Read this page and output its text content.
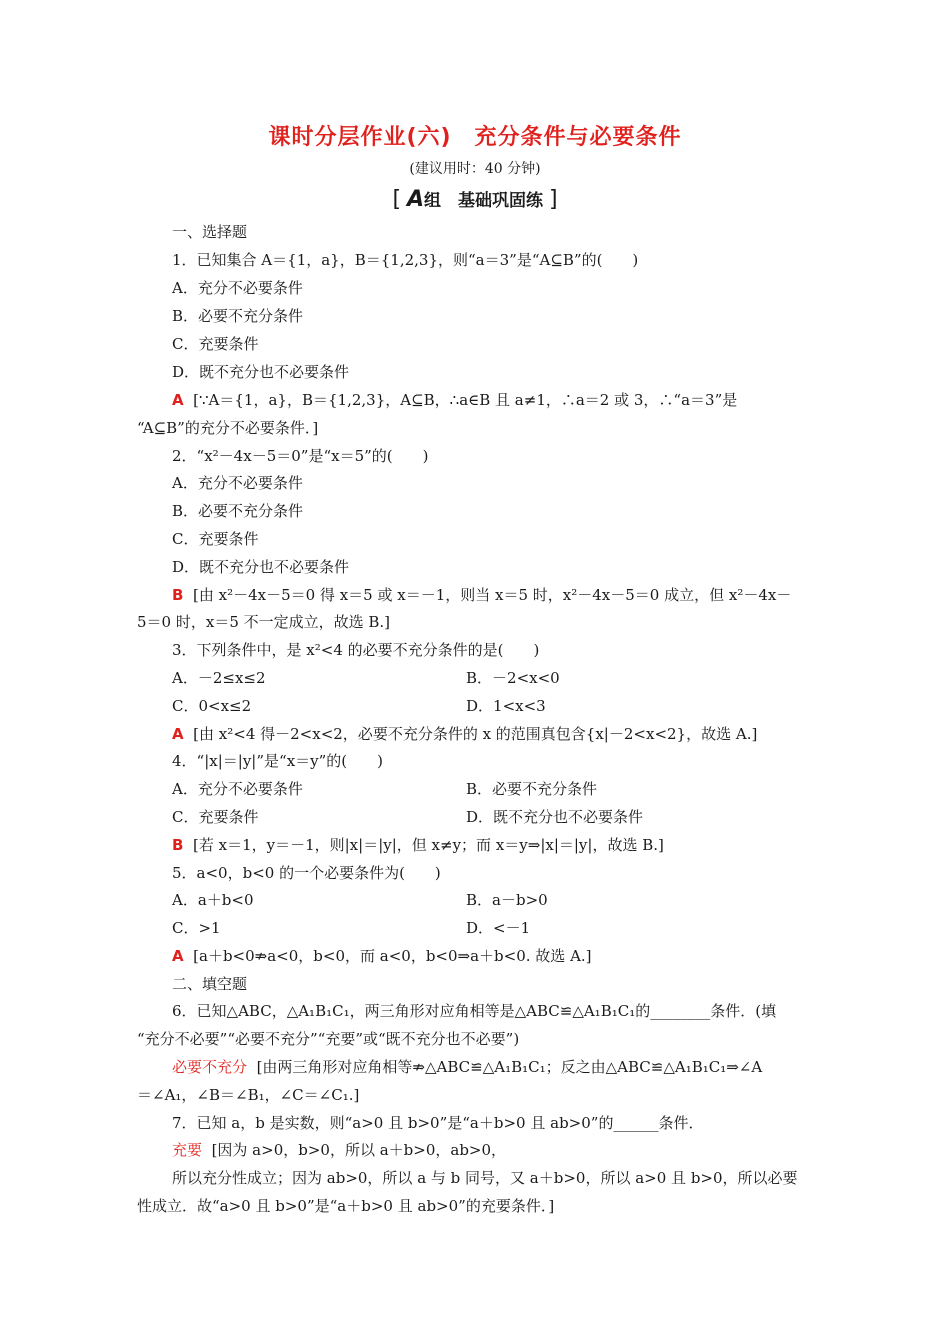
课时分层作业(六)　充分条件与必要条件
(建议用时：40 分钟)
[ A组　基础巩固练 ]
一、选择题
1．已知集合 A＝{1，a}，B＝{1,2,3}，则“a＝3”是“A⊆B”的(　　)
A．充分不必要条件
B．必要不充分条件
C．充要条件
D．既不充分也不必要条件
A [∵A＝{1，a}，B＝{1,2,3}，A⊆B，∴a∈B 且 a≠1，∴a＝2 或 3，∴“a＝3”是
“A⊆B”的充分不必要条件．]
2．“x²－4x－5＝0”是“x＝5”的(　　)
A．充分不必要条件
B．必要不充分条件
C．充要条件
D．既不充分也不必要条件
B [由 x²－4x－5＝0 得 x＝5 或 x＝－1，则当 x＝5 时，x²－4x－5＝0 成立，但 x²－4x－
5＝0 时，x＝5 不一定成立，故选 B.]
3．下列条件中，是 x²<4 的必要不充分条件的是(　　)
A．－2≤x≤2	B．－2<x<0
C．0<x≤2	D．1<x<3
A [由 x²<4 得－2<x<2，必要不充分条件的 x 的范围真包含{x|－2<x<2}，故选 A.]
4．“|x|＝|y|”是“x＝y”的(　　)
A．充分不必要条件	B．必要不充分条件
C．充要条件	D．既不充分也不必要条件
B [若 x＝1，y＝－1，则|x|＝|y|，但 x≠y；而 x＝y⇒|x|＝|y|，故选 B.]
5．a<0，b<0 的一个必要条件为(　　)
A．a＋b<0	B．a－b>0
C．>1	D．<－1
A [a＋b<0⇏a<0，b<0，而 a<0，b<0⇒a＋b<0. 故选 A.]
二、填空题
6．已知△ABC，△A₁B₁C₁，两三角形对应角相等是△ABC≌△A₁B₁C₁的________条件．(填
“充分不必要”“必要不充分”“充要”或“既不充分也不必要”)
必要不充分 [由两三角形对应角相等⇏△ABC≌△A₁B₁C₁；反之由△ABC≌△A₁B₁C₁⇒∠A
＝∠A₁，∠B＝∠B₁，∠C＝∠C₁.]
7．已知 a，b 是实数，则“a>0 且 b>0”是“a＋b>0 且 ab>0”的______条件．
充要 [因为 a>0，b>0，所以 a＋b>0，ab>0，
所以充分性成立；因为 ab>0，所以 a 与 b 同号，又 a＋b>0，所以 a>0 且 b>0，所以必要
性成立．故“a>0 且 b>0”是“a＋b>0 且 ab>0”的充要条件．]
